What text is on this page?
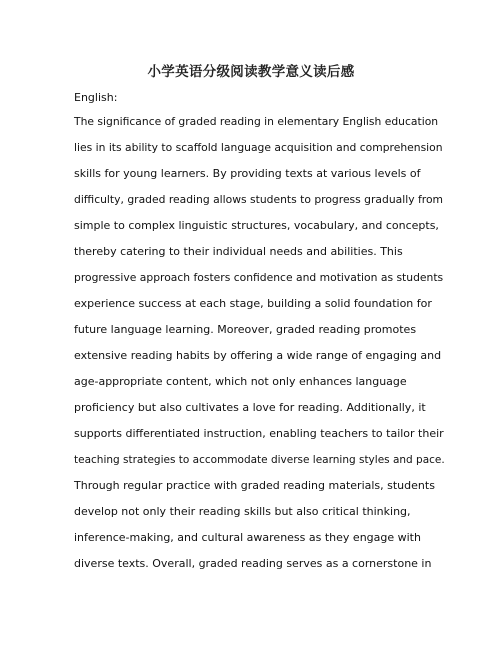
小学英语分级阅读教学意义读后感
English:
The significance of graded reading in elementary English education
lies in its ability to scaffold language acquisition and comprehension
skills for young learners. By providing texts at various levels of
difficulty, graded reading allows students to progress gradually from
simple to complex linguistic structures, vocabulary, and concepts,
thereby catering to their individual needs and abilities. This
progressive approach fosters confidence and motivation as students
experience success at each stage, building a solid foundation for
future language learning. Moreover, graded reading promotes
extensive reading habits by offering a wide range of engaging and
age-appropriate content, which not only enhances language
proficiency but also cultivates a love for reading. Additionally, it
supports differentiated instruction, enabling teachers to tailor their
teaching strategies to accommodate diverse learning styles and pace.
Through regular practice with graded reading materials, students
develop not only their reading skills but also critical thinking,
inference-making, and cultural awareness as they engage with
diverse texts. Overall, graded reading serves as a cornerstone in
